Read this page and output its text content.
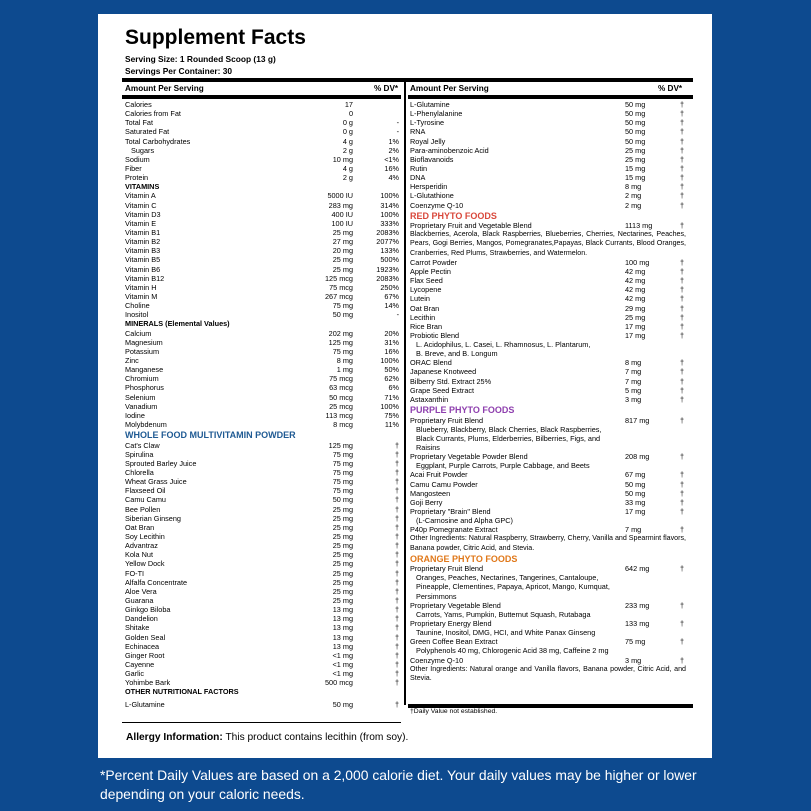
Supplement Facts
Serving Size: 1 Rounded Scoop (13 g)
Servings Per Container: 30
Amount Per Serving	% DV* Amount Per Serving	% DV*
Calories	17
Calories from Fat	0
Total Fat	0 g	-
Saturated Fat	0 g	-
Total Carbohydrates	4 g	1%
Sugars	2 g	2%
Sodium	10 mg	<1%
Fiber	4 g	16%
Protein	2 g	4%
VITAMINS
Vitamin A	5000 IU	100%
Vitamin C	283 mg	314%
Vitamin D3	400 IU	100%
Vitamin E	100 IU	333%
Vitamin B1	25 mg	2083%
Vitamin B2	27 mg	2077%
Vitamin B3	20 mg	133%
Vitamin B5	25 mg	500%
Vitamin B6	25 mg	1923%
Vitamin B12	125 mcg	2083%
Vitamin H	75 mcg	250%
Vitamin M	267 mcg	67%
Choline	75 mg	14%
Inositol	50 mg	-
MINERALS (Elemental Values)
Calcium	202 mg	20%
Magnesium	125 mg	31%
Potassium	75 mg	16%
Zinc	8 mg	100%
Manganese	1 mg	50%
Chromium	75 mcg	62%
Phosphorus	63 mcg	6%
Selenium	50 mcg	71%
Vanadium	25 mcg	100%
Iodine	113 mcg	75%
Molybdenum	8 mcg	11%
WHOLE FOOD MULTIVITAMIN POWDER
Cat's Claw	125 mg	†
Spirulina	75 mg	†
Sprouted Barley Juice	75 mg	†
Chlorella	75 mg	†
Wheat Grass Juice	75 mg	†
Flaxseed Oil	75 mg	†
Camu Camu	50 mg	†
Bee Pollen	25 mg	†
Siberian Ginseng	25 mg	†
Oat Bran	25 mg	†
Soy Lecithin	25 mg	†
Advantraz	25 mg	†
Kola Nut	25 mg	†
Yellow Dock	25 mg	†
FO-TI	25 mg	†
Alfalfa Concentrate	25 mg	†
Aloe Vera	25 mg	†
Guarana	25 mg	†
Ginkgo Biloba	13 mg	†
Dandelion	13 mg	†
Shitake	13 mg	†
Golden Seal	13 mg	†
Echinacea	13 mg	†
Ginger Root	<1 mg	†
Cayenne	<1 mg	†
Garlic	<1 mg	†
Yohimbe Bark	500 mcg	†
OTHER NUTRITIONAL FACTORS
L-Glutamine	50 mg	†
L-Glutamine	50 mg	†
L-Phenylalanine	50 mg	†
L-Tyrosine	50 mg	†
RNA	50 mg	†
Royal Jelly	50 mg	†
Para-aminobenzoic Acid	25 mg	†
Bioflavanoids	25 mg	†
Rutin	15 mg	†
DNA	15 mg	†
Hersperidin	8 mg	†
L-Glutathione	2 mg	†
Coenzyme Q-10	2 mg	†
RED PHYTO FOODS
Proprietary Fruit and Vegetable Blend	1113 mg	†
Blackberries, Acerola, Black Raspberries, Blueberries, Cherries, Nectarines, Peaches, Pears, Gogi Berries, Mangos, Pomegranates,Papayas, Black Currants, Blood Oranges, Cranberries, Red Plums, Strawberries, and Watermelon.
Carrot Powder	100 mg	†
Apple Pectin	42 mg	†
Flax Seed	42 mg	†
Lycopene	42 mg	†
Lutein	42 mg	†
Oat Bran	29 mg	†
Lecithin	25 mg	†
Rice Bran	17 mg	†
Probiotic Blend	17 mg	†
L. Acidophilus, L. Casei, L. Rhamnosus, L. Plantarum,
B. Breve, and B. Longum
ORAC Blend	8 mg	†
Japanese Knotweed	7 mg	†
Bilberry Std. Extract 25%	7 mg	†
Grape Seed Extract	5 mg	†
Astaxanthin	3 mg	†
PURPLE PHYTO FOODS
Proprietary Fruit Blend	817 mg	†
Blueberry, Blackberry, Black Cherries, Black Raspberries,
Black Currants, Plums, Elderberries, Bilberries, Figs, and
Raisins
Proprietary Vegetable Powder Blend	208 mg	†
Eggplant, Purple Carrots, Purple Cabbage, and Beets
Acai Fruit Powder	67 mg	†
Camu Camu Powder	50 mg	†
Mangosteen	50 mg	†
Goji Berry	33 mg	†
Proprietary "Brain" Blend	17 mg	†
(L-Carnosine and Alpha GPC)
P40p Pomegranate Extract	7 mg	†
Other Ingredients: Natural Raspberry, Strawberry, Cherry, Vanilla and Spearmint flavors, Banana powder, Citric Acid, and Stevia.
ORANGE PHYTO FOODS
Proprietary Fruit Blend	642 mg	†
Oranges, Peaches, Nectarines, Tangerines, Cantaloupe,
Pineapple, Clementines, Papaya, Apricot, Mango, Kumquat,
Persimmons
Proprietary Vegetable Blend	233 mg	†
Carrots, Yams, Pumpkin, Butternut Squash, Rutabaga
Proprietary Energy Blend	133 mg	†
Taunine, Inositol, DMG, HCI, and White Panax Ginseng
Green Coffee Bean Extract	75 mg	†
Polyphenols 40 mg, Chlorogenic Acid 38 mg, Caffeine 2 mg
Coenzyme Q-10	3 mg	†
Other Ingredients: Natural orange and Vanilla flavors, Banana powder, Citric Acid, and Stevia.
†Daily Value not established.
Allergy Information: This product contains lecithin (from soy).
*Percent Daily Values are based on a 2,000 calorie diet. Your daily values may be higher or lower depending on your caloric needs.
